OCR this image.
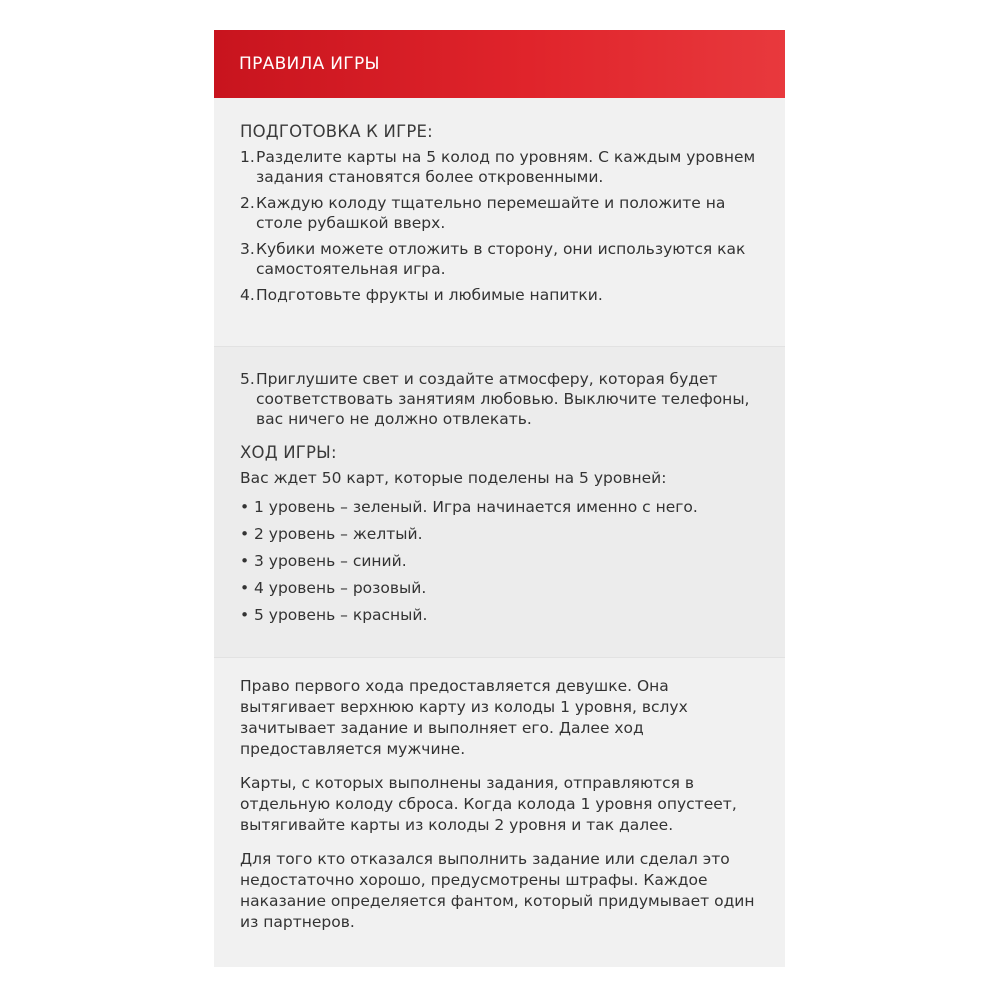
ПРАВИЛА ИГРЫ
ПОДГОТОВКА К ИГРЕ:
1. Разделите карты на 5 колод по уровням. С каждым уровнем задания становятся более откровенными.
2. Каждую колоду тщательно перемешайте и положите на столе рубашкой вверх.
3. Кубики можете отложить в сторону, они используются как самостоятельная игра.
4. Подготовьте фрукты и любимые напитки.
5. Приглушите свет и создайте атмосферу, которая будет соответствовать занятиям любовью. Выключите телефоны, вас ничего не должно отвлекать.
ХОД ИГРЫ:

Вас ждет 50 карт, которые поделены на 5 уровней:

• 1 уровень – зеленый. Игра начинается именно с него.
• 2 уровень – желтый.
• 3 уровень – синий.
• 4 уровень – розовый.
• 5 уровень – красный.

Право первого хода предоставляется девушке. Она вытягивает верхнюю карту из колоды 1 уровня, вслух зачитывает задание и выполняет его. Далее ход предоставляется мужчине.

Карты, с которых выполнены задания, отправляются в отдельную колоду сброса. Когда колода 1 уровня опустеет, вытягивайте карты из колоды 2 уровня и так далее.

Для того кто отказался выполнить задание или сделал это недостаточно хорошо, предусмотрены штрафы. Каждое наказание определяется фантом, который придумывает один из партнеров.
